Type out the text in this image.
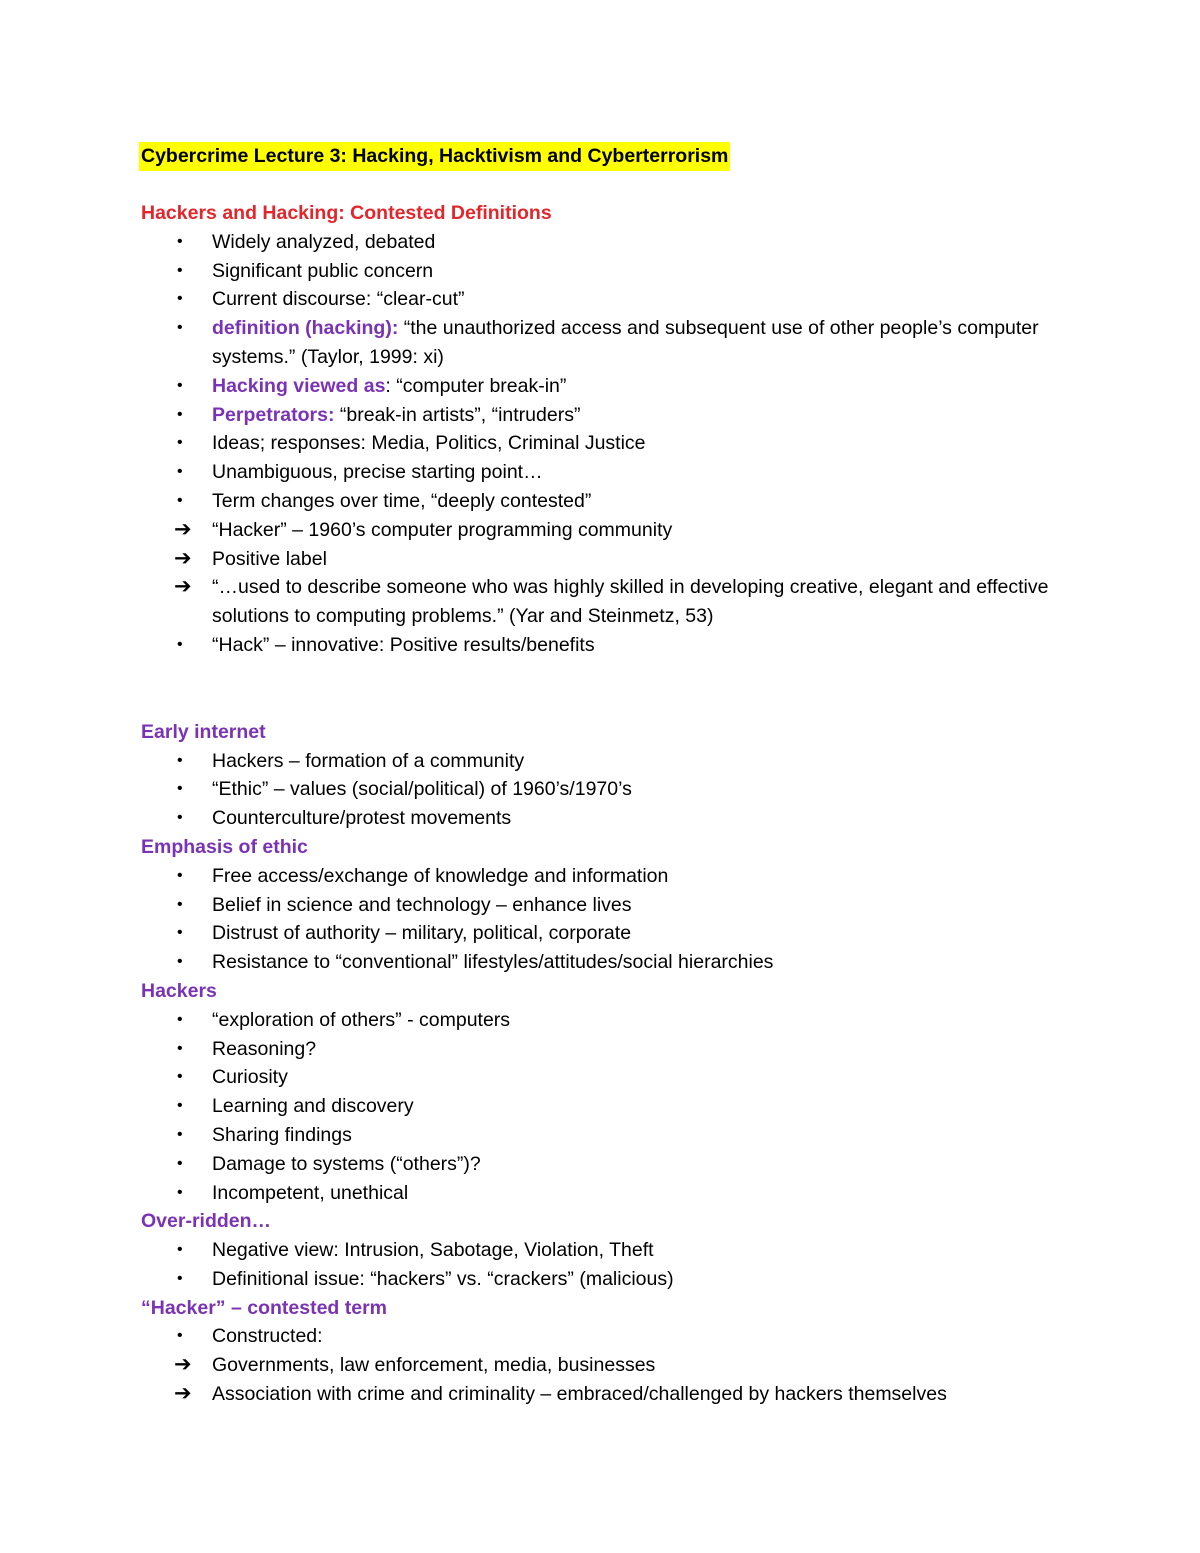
Cybercrime Lecture 3: Hacking, Hacktivism and Cyberterrorism
Hackers and Hacking: Contested Definitions
•	Widely analyzed, debated
•	Significant public concern
•	Current discourse: “clear-cut”
•	definition (hacking): “the unauthorized access and subsequent use of other people’s computer systems.” (Taylor, 1999: xi)
•	Hacking viewed as: “computer break-in”
•	Perpetrators: “break-in artists”, “intruders”
•	Ideas; responses: Media, Politics, Criminal Justice
•	Unambiguous, precise starting point…
•	Term changes over time, “deeply contested”
➔	“Hacker” – 1960’s computer programming community
➔	Positive label
➔	“…used to describe someone who was highly skilled in developing creative, elegant and effective solutions to computing problems.” (Yar and Steinmetz, 53)
•	“Hack” – innovative: Positive results/benefits
Early internet
•	Hackers – formation of a community
•	“Ethic” – values (social/political) of 1960’s/1970’s
•	Counterculture/protest movements
Emphasis of ethic
•	Free access/exchange of knowledge and information
•	Belief in science and technology – enhance lives
•	Distrust of authority – military, political, corporate
•	Resistance to “conventional” lifestyles/attitudes/social hierarchies
Hackers
•	“exploration of others” - computers
•	Reasoning?
•	Curiosity
•	Learning and discovery
•	Sharing findings
•	Damage to systems (“others”)?
•	Incompetent, unethical
Over-ridden…
•	Negative view: Intrusion, Sabotage, Violation, Theft
•	Definitional issue: “hackers” vs. “crackers” (malicious)
“Hacker” – contested term
•	Constructed:
➔	Governments, law enforcement, media, businesses
➔	Association with crime and criminality – embraced/challenged by hackers themselves
